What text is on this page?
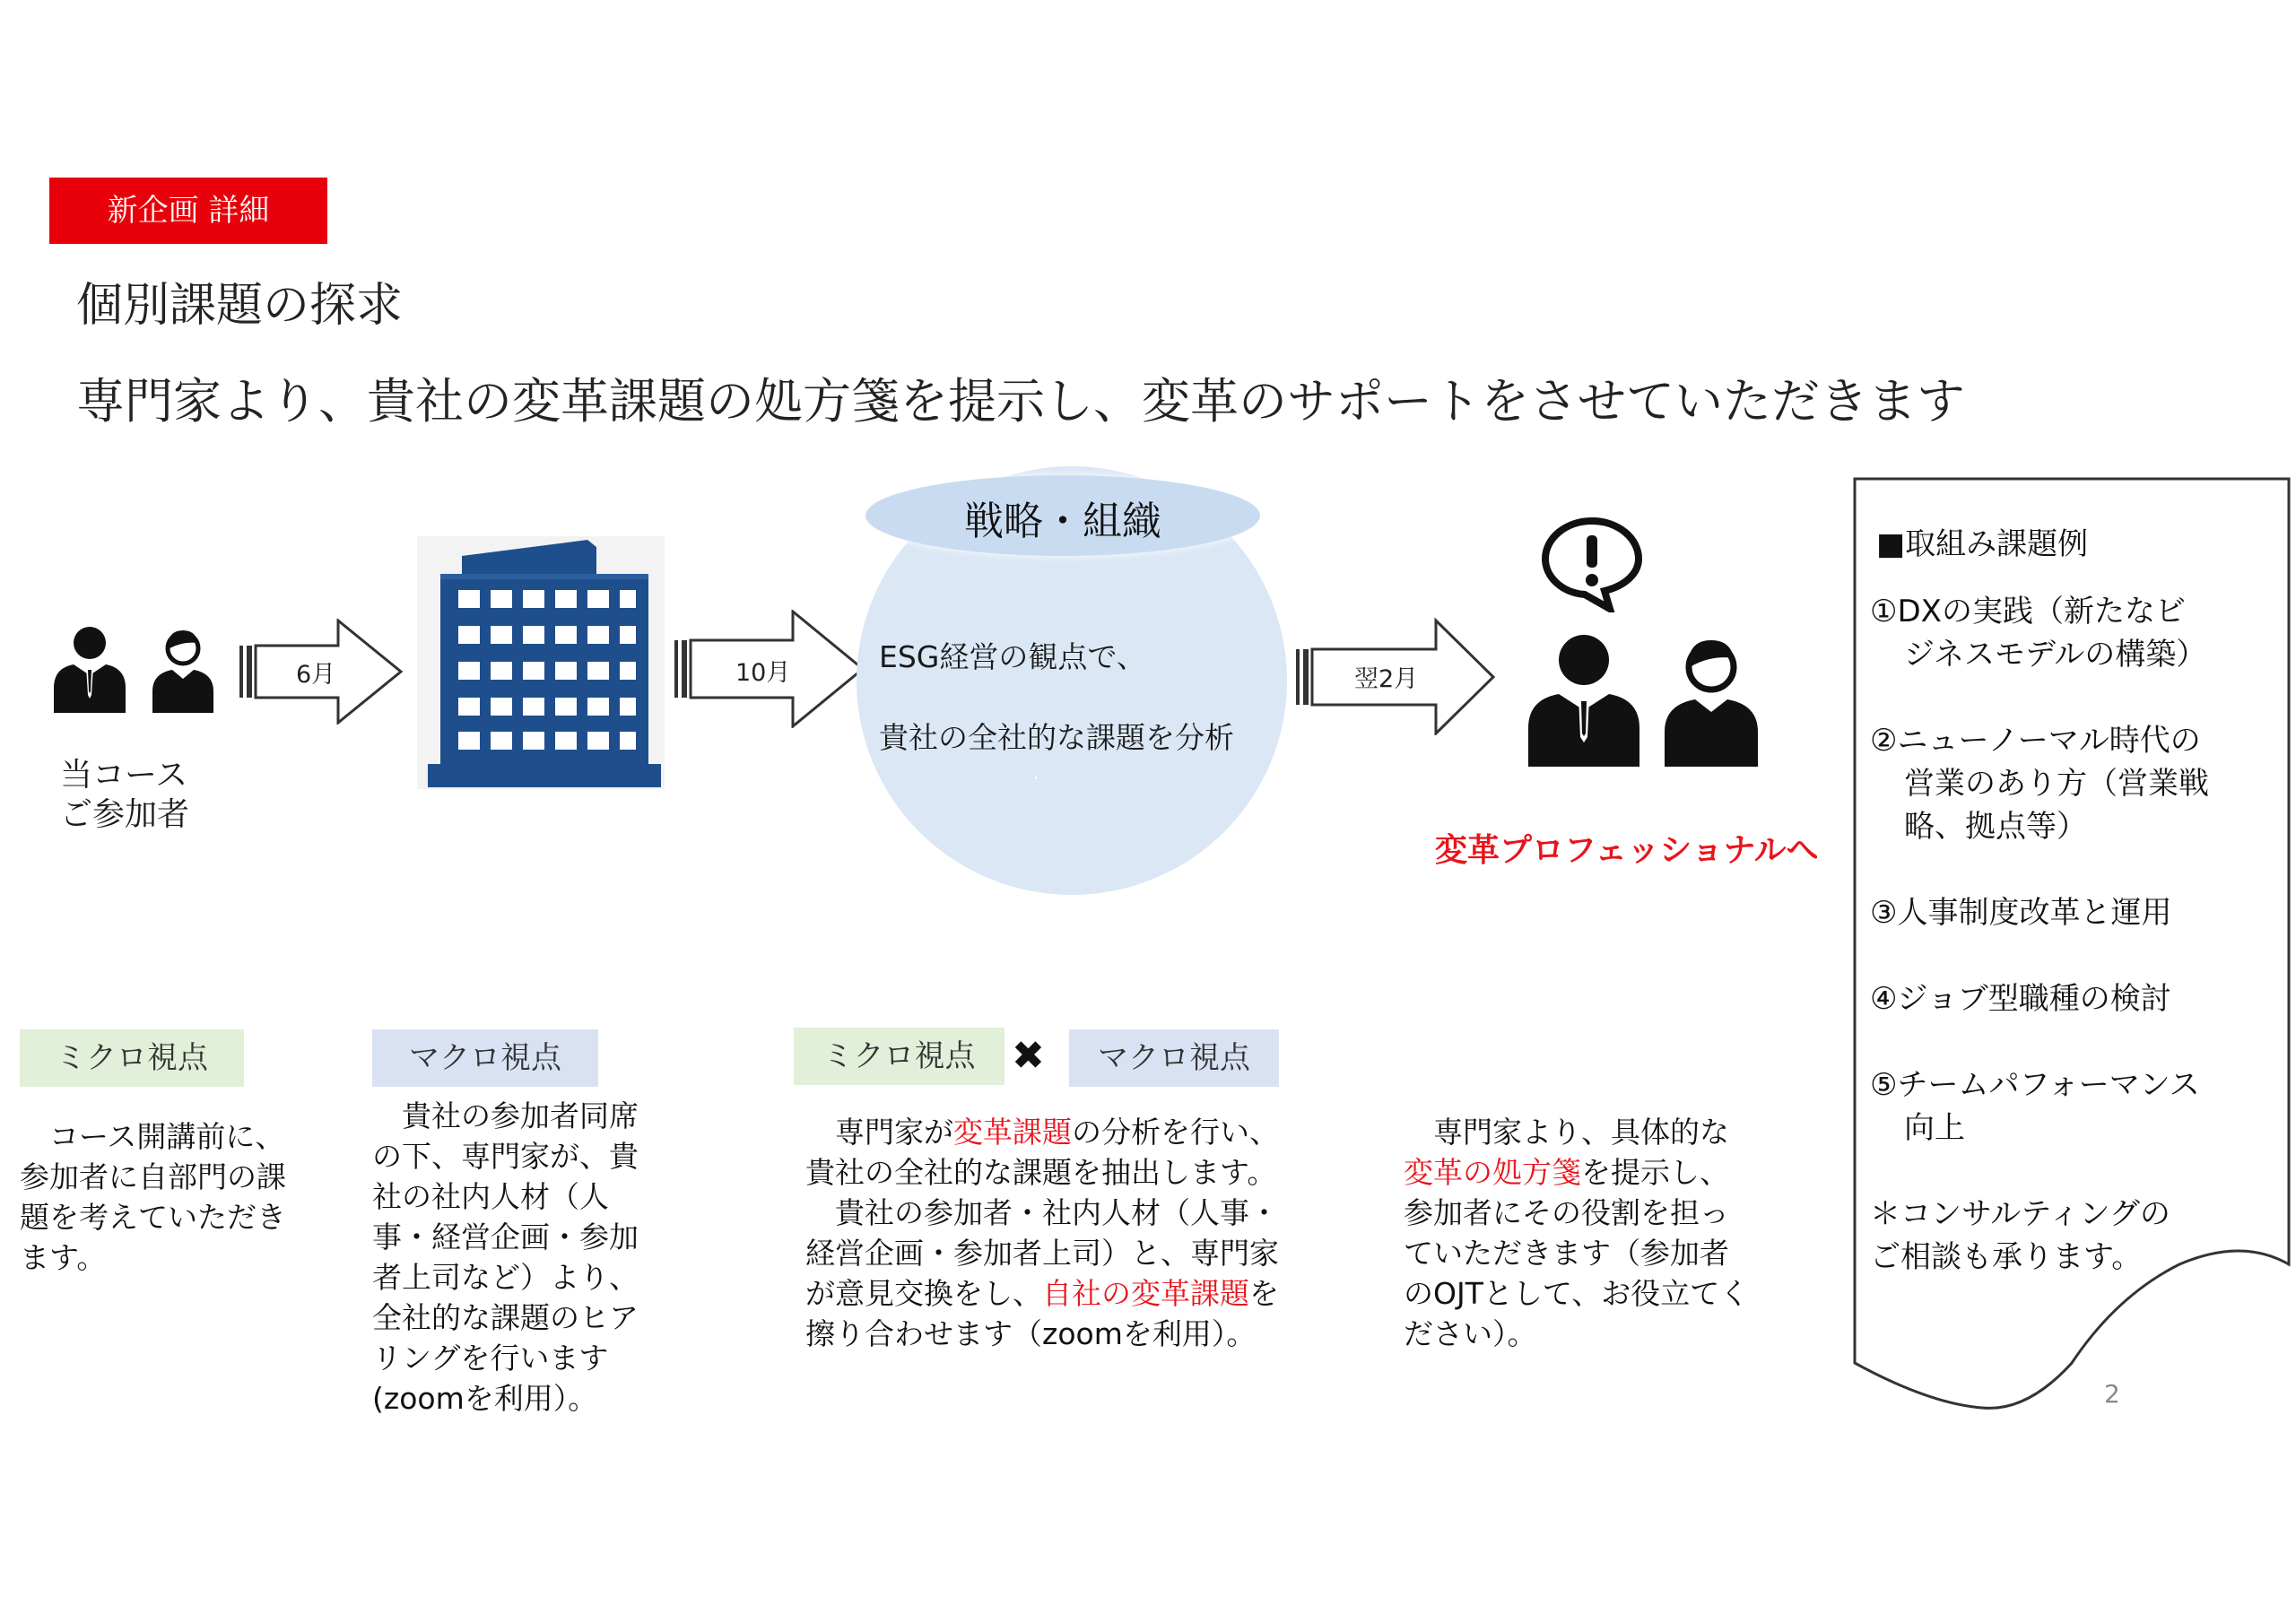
新企画 詳細
個別課題の探求
専門家より、貴社の変革課題の処方箋を提示し、変革のサポートをさせていただきます
当コース
ご参加者
6月	10月
戦略・組織
ESG経営の観点で、
貴社の全社的な課題を分析
・
翌2月
変革プロフェッショナルへ
■取組み課題例
①DXの実践（新たなビ
ジネスモデルの構築）
②ニューノーマル時代の
営業のあり方（営業戦
略、拠点等）
③人事制度改革と運用
④ジョブ型職種の検討
⑤チームパフォーマンス
向上
＊コンサルティングの
ご相談も承ります。
2
ミクロ視点
　コース開講前に、
参加者に自部門の課
題を考えていただき
ます。
マクロ視点
　貴社の参加者同席
の下、専門家が、貴
社の社内人材（人
事・経営企画・参加
者上司など）より、
全社的な課題のヒア
リングを行います
(zoomを利用）。
ミクロ視点 ✖	マクロ視点
　専門家が変革課題の分析を行い、
貴社の全社的な課題を抽出します。
　貴社の参加者・社内人材（人事・
経営企画・参加者上司）と、専門家
が意見交換をし、自社の変革課題を
擦り合わせます（zoomを利用）。
　専門家より、具体的な
変革の処方箋を提示し、
参加者にその役割を担っ
ていただきます（参加者
のOJTとして、お役立てく
ださい）。
